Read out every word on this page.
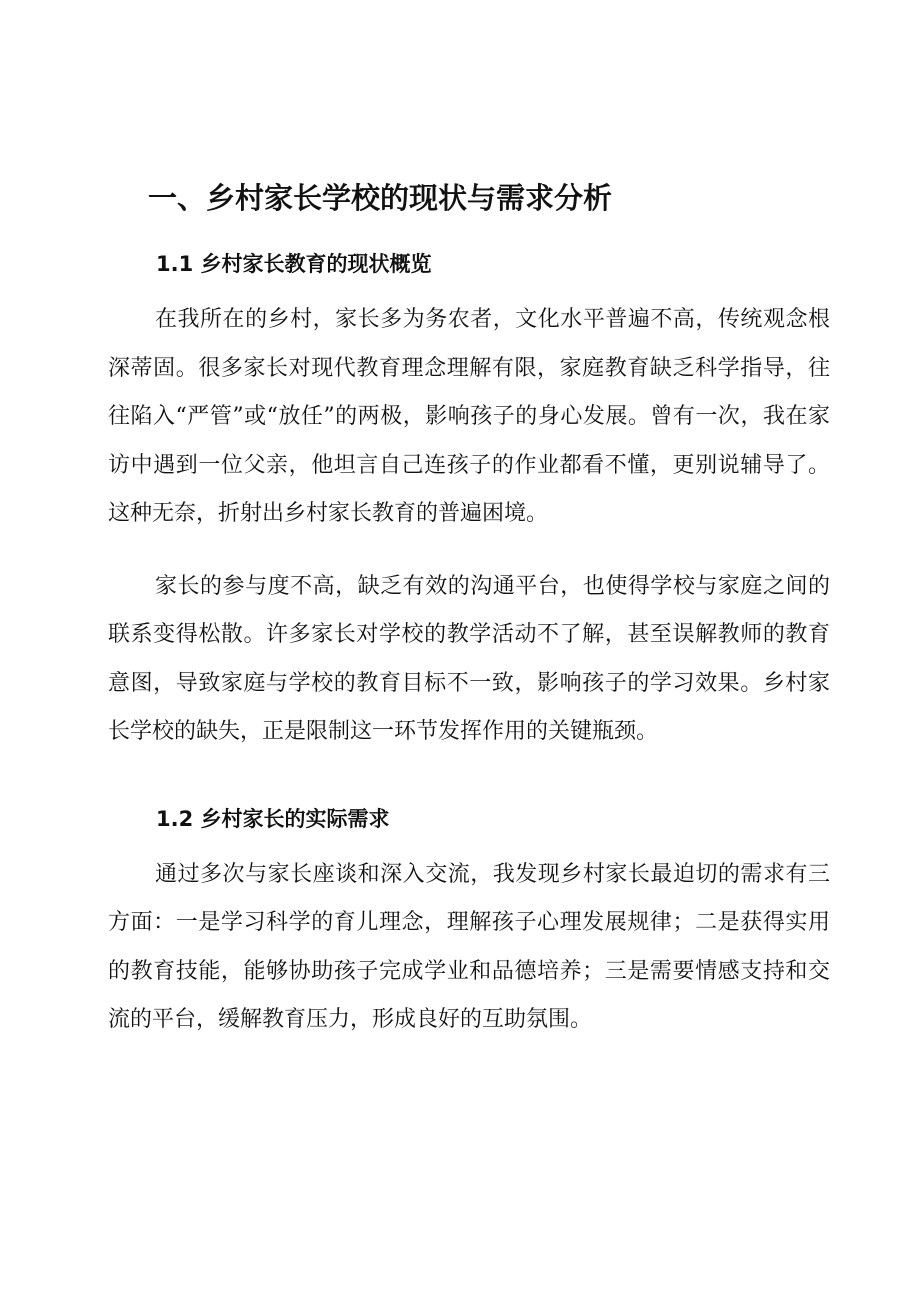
一、乡村家长学校的现状与需求分析
1.1 乡村家长教育的现状概览

在我所在的乡村，家长多为务农者，文化水平普遍不高，传统观念根深蒂固。很多家长对现代教育理念理解有限，家庭教育缺乏科学指导，往往陷入“严管”或“放任”的两极，影响孩子的身心发展。曾有一次，我在家访中遇到一位父亲，他坦言自己连孩子的作业都看不懂，更别说辅导了。这种无奈，折射出乡村家长教育的普遍困境。

家长的参与度不高，缺乏有效的沟通平台，也使得学校与家庭之间的联系变得松散。许多家长对学校的教学活动不了解，甚至误解教师的教育意图，导致家庭与学校的教育目标不一致，影响孩子的学习效果。乡村家长学校的缺失，正是限制这一环节发挥作用的关键瓶颈。

1.2 乡村家长的实际需求

通过多次与家长座谈和深入交流，我发现乡村家长最迫切的需求有三方面：一是学习科学的育儿理念，理解孩子心理发展规律；二是获得实用的教育技能，能够协助孩子完成学业和品德培养；三是需要情感支持和交流的平台，缓解教育压力，形成良好的互助氛围。
